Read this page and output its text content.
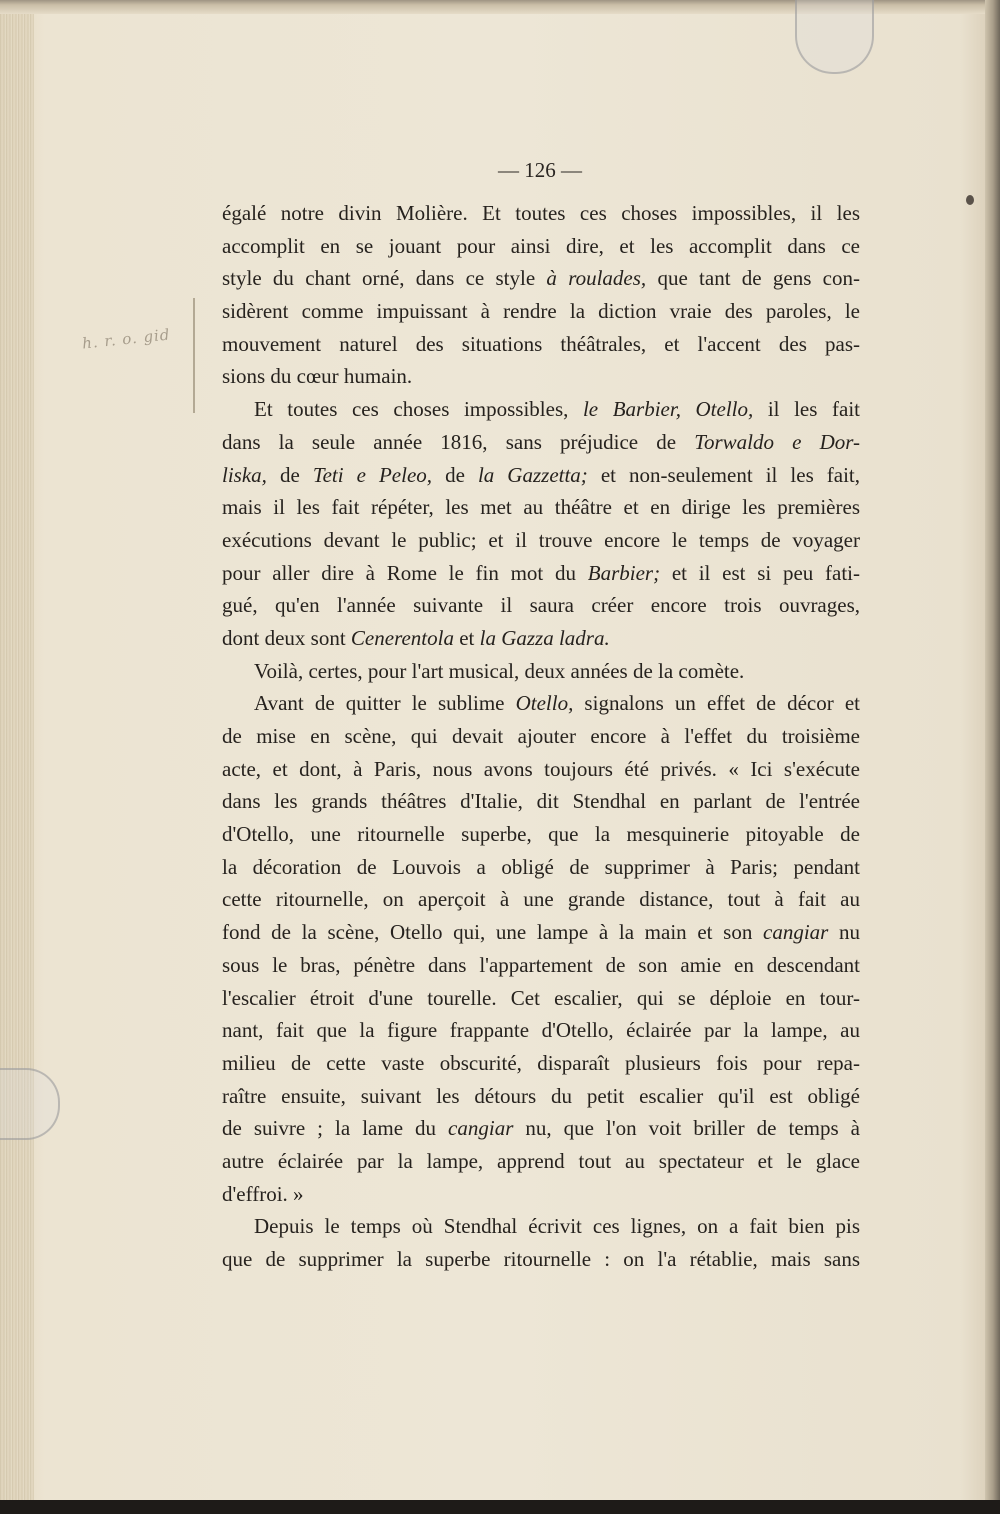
h. r. o. gid
— 126 —
égalé notre divin Molière. Et toutes ces choses impossibles, il les
accomplit en se jouant pour ainsi dire, et les accomplit dans ce
style du chant orné, dans ce style à roulades, que tant de gens con-
sidèrent comme impuissant à rendre la diction vraie des paroles, le
mouvement naturel des situations théâtrales, et l'accent des pas-
sions du cœur humain.
Et toutes ces choses impossibles, le Barbier, Otello, il les fait
dans la seule année 1816, sans préjudice de Torwaldo e Dor-
liska, de Teti e Peleo, de la Gazzetta; et non-seulement il les fait,
mais il les fait répéter, les met au théâtre et en dirige les premières
exécutions devant le public; et il trouve encore le temps de voyager
pour aller dire à Rome le fin mot du Barbier; et il est si peu fati-
gué, qu'en l'année suivante il saura créer encore trois ouvrages,
dont deux sont Cenerentola et la Gazza ladra.
Voilà, certes, pour l'art musical, deux années de la comète.
Avant de quitter le sublime Otello, signalons un effet de décor et
de mise en scène, qui devait ajouter encore à l'effet du troisième
acte, et dont, à Paris, nous avons toujours été privés. « Ici s'exécute
dans les grands théâtres d'Italie, dit Stendhal en parlant de l'entrée
d'Otello, une ritournelle superbe, que la mesquinerie pitoyable de
la décoration de Louvois a obligé de supprimer à Paris; pendant
cette ritournelle, on aperçoit à une grande distance, tout à fait au
fond de la scène, Otello qui, une lampe à la main et son cangiar nu
sous le bras, pénètre dans l'appartement de son amie en descendant
l'escalier étroit d'une tourelle. Cet escalier, qui se déploie en tour-
nant, fait que la figure frappante d'Otello, éclairée par la lampe, au
milieu de cette vaste obscurité, disparaît plusieurs fois pour repa-
raître ensuite, suivant les détours du petit escalier qu'il est obligé
de suivre ; la lame du cangiar nu, que l'on voit briller de temps à
autre éclairée par la lampe, apprend tout au spectateur et le glace
d'effroi. »
Depuis le temps où Stendhal écrivit ces lignes, on a fait bien pis
que de supprimer la superbe ritournelle : on l'a rétablie, mais sans
